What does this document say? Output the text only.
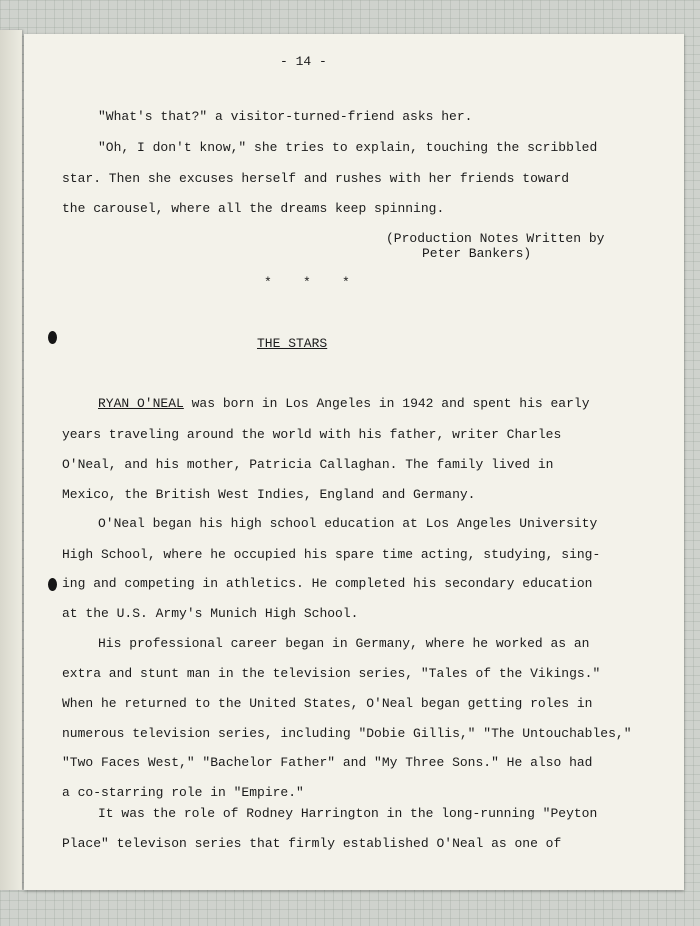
- 14 -
"What's that?" a visitor-turned-friend asks her.
"Oh, I don't know," she tries to explain, touching the scribbled
star. Then she excuses herself and rushes with her friends toward
the carousel, where all the dreams keep spinning.
(Production Notes Written by
Peter Bankers)
*    *    *
THE STARS
RYAN O'NEAL was born in Los Angeles in 1942 and spent his early
years traveling around the world with his father, writer Charles
O'Neal, and his mother, Patricia Callaghan. The family lived in
Mexico, the British West Indies, England and Germany.
O'Neal began his high school education at Los Angeles University
High School, where he occupied his spare time acting, studying, sing-
ing and competing in athletics. He completed his secondary education
at the U.S. Army's Munich High School.
His professional career began in Germany, where he worked as an
extra and stunt man in the television series, "Tales of the Vikings."
When he returned to the United States, O'Neal began getting roles in
numerous television series, including "Dobie Gillis," "The Untouchables,"
"Two Faces West," "Bachelor Father" and "My Three Sons." He also had
a co-starring role in "Empire."
It was the role of Rodney Harrington in the long-running "Peyton
Place" televison series that firmly established O'Neal as one of
